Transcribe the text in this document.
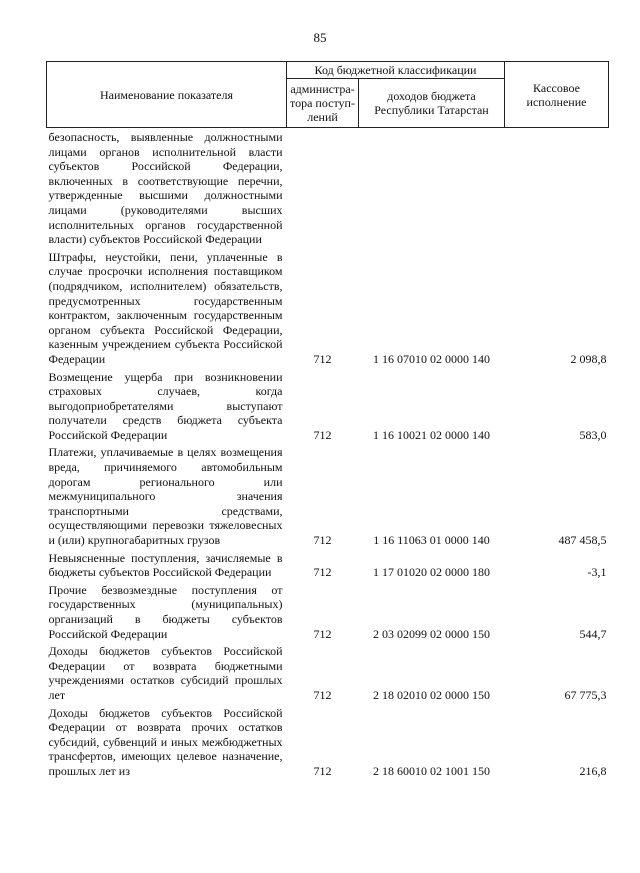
85
Наименование показателя	Код бюджетной классификации		Кассовое исполнение
	администра-тора поступ-лений	доходов бюджета Республики Татарстан	
безопасность, выявленные должностными лицами органов исполнительной власти субъектов Российской Федерации, включенных в соответствующие перечни, утвержденные высшими должностными лицами (руководителями высших исполнительных органов государственной власти) субъектов Российской Федерации			
Штрафы, неустойки, пени, уплаченные в случае просрочки исполнения поставщиком (подрядчиком, исполнителем) обязательств, предусмотренных государственным контрактом, заключенным государственным органом субъекта Российской Федерации, казенным учреждением субъекта Российской Федерации	712	1 16 07010 02 0000 140	2 098,8
Возмещение ущерба при возникновении страховых случаев, когда выгодоприобретателями выступают получатели средств бюджета субъекта Российской Федерации	712	1 16 10021 02 0000 140	583,0
Платежи, уплачиваемые в целях возмещения вреда, причиняемого автомобильным дорогам регионального или межмуниципального значения транспортными средствами, осуществляющими перевозки тяжеловесных и (или) крупногабаритных грузов	712	1 16 11063 01 0000 140	487 458,5
Невыясненные поступления, зачисляемые в бюджеты субъектов Российской Федерации	712	1 17 01020 02 0000 180	-3,1
Прочие безвозмездные поступления от государственных (муниципальных) организаций в бюджеты субъектов Российской Федерации	712	2 03 02099 02 0000 150	544,7
Доходы бюджетов субъектов Российской Федерации от возврата бюджетными учреждениями остатков субсидий прошлых лет	712	2 18 02010 02 0000 150	67 775,3
Доходы бюджетов субъектов Российской Федерации от возврата прочих остатков субсидий, субвенций и иных межбюджетных трансфертов, имеющих целевое назначение, прошлых лет из	712	2 18 60010 02 1001 150	216,8
